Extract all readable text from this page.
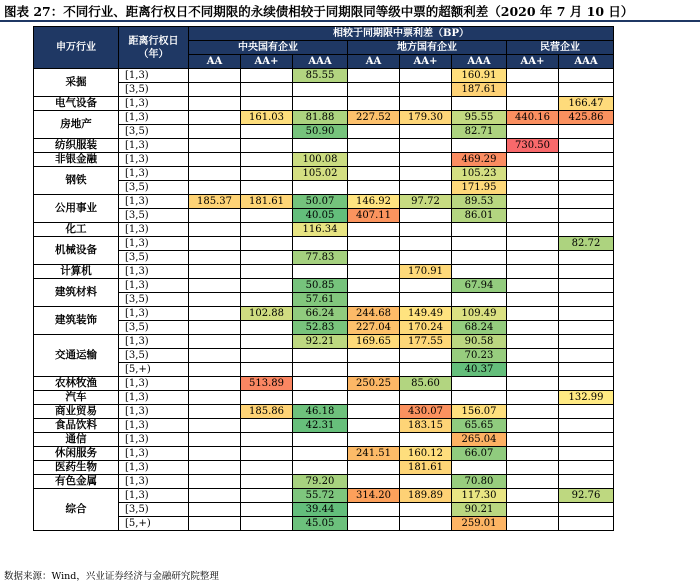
图表 27：不同行业、距离行权日不同期限的永续债相较于同期限同等级中票的超额利差（2020 年 7 月 10 日）
申万行业	距离行权日（年）	相较于同期限中票利差（BP）							
		中央国有企业			地方国有企业			民营企业	
		AA	AA+	AAA	AA	AA+	AAA	AA+	AAA
采掘	[1,3)			85.55			160.91		
	[3,5)						187.61		
电气设备	[1,3)								166.47
房地产	[1,3)		161.03	81.88	227.52	179.30	95.55	440.16	425.86
	[3,5)			50.90			82.71		
纺织服装	[1,3)							730.50	
非银金融	[1,3)			100.08			469.29		
钢铁	[1,3)			105.02			105.23		
	[3,5)						171.95		
公用事业	[1,3)	185.37	181.61	50.07	146.92	97.72	89.53		
	[3,5)			40.05	407.11		86.01		
化工	[1,3)			116.34					
机械设备	[1,3)								82.72
	[3,5)			77.83					
计算机	[1,3)					170.91			
建筑材料	[1,3)			50.85			67.94		
	[3,5)			57.61					
建筑装饰	[1,3)		102.88	66.24	244.68	149.49	109.49		
	[3,5)			52.83	227.04	170.24	68.24		
交通运输	[1,3)			92.21	169.65	177.55	90.58		
	[3,5)						70.23		
	[5,+)						40.37		
农林牧渔	[1,3)		513.89		250.25	85.60			
汽车	[1,3)								132.99
商业贸易	[1,3)		185.86	46.18		430.07	156.07		
食品饮料	[1,3)			42.31		183.15	65.65		
通信	[1,3)						265.04		
休闲服务	[1,3)				241.51	160.12	66.07		
医药生物	[1,3)					181.61			
有色金属	[1,3)			79.20			70.80		
综合	[1,3)			55.72	314.20	189.89	117.30		92.76
	[3,5)			39.44			90.21		
	[5,+)			45.05			259.01		
数据来源：Wind，兴业证券经济与金融研究院整理
